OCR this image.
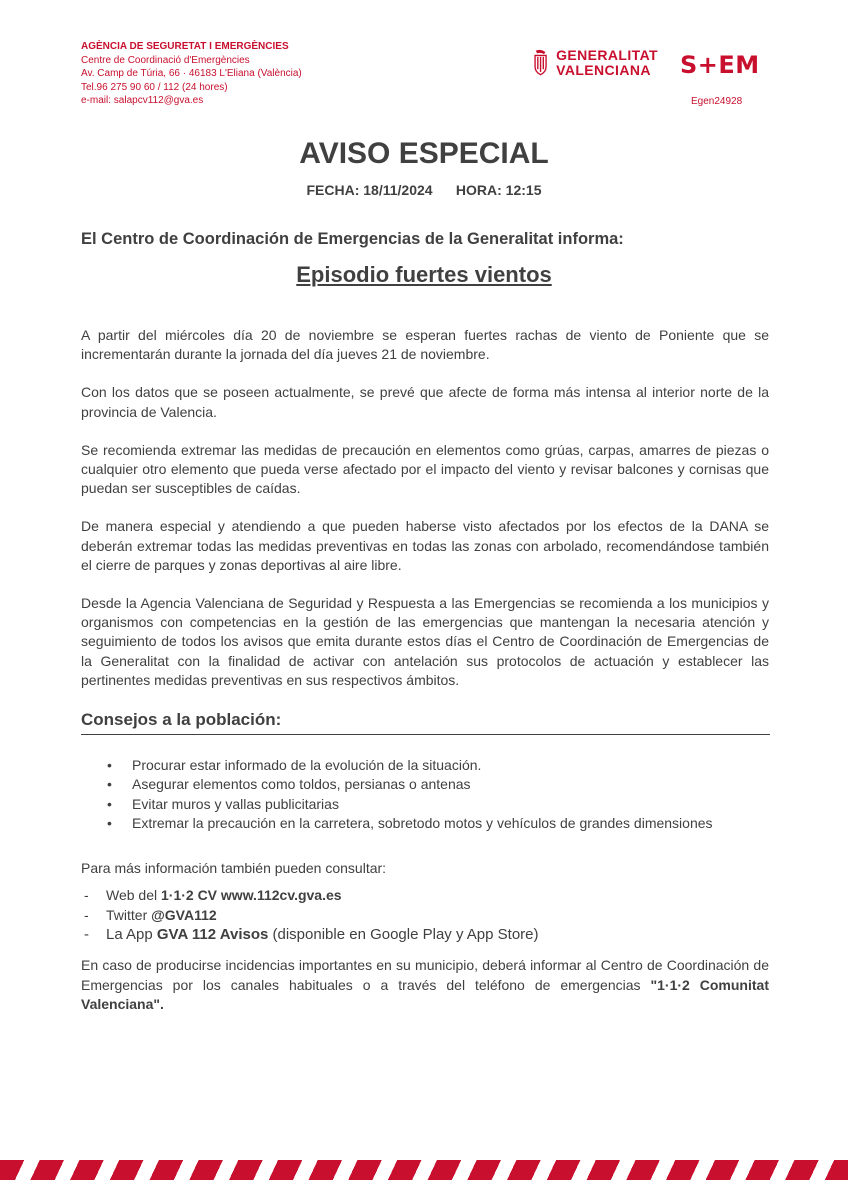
AGÈNCIA DE SEGURETAT I EMERGÈNCIES
Centre de Coordinació d'Emergències
Av. Camp de Túria, 66 · 46183 L'Eliana (València)
Tel.96 275 90 60 / 112 (24 hores)
e-mail: salapcv112@gva.es
GENERALITAT
VALENCIANA S+EM
Egen24928
AVISO ESPECIAL
FECHA: 18/11/2024      HORA: 12:15
El Centro de Coordinación de Emergencias de la Generalitat informa:
Episodio fuertes vientos

A partir del miércoles día 20 de noviembre se esperan fuertes rachas de viento de Poniente que se incrementarán durante la jornada del día jueves 21 de noviembre.

Con los datos que se poseen actualmente, se prevé que afecte de forma más intensa al interior norte de la provincia de Valencia.

Se recomienda extremar las medidas de precaución en elementos como grúas, carpas, amarres de piezas o cualquier otro elemento que pueda verse afectado por el impacto del viento y revisar balcones y cornisas que puedan ser susceptibles de caídas.

De manera especial y atendiendo a que pueden haberse visto afectados por los efectos de la DANA se deberán extremar todas las medidas preventivas en todas las zonas con arbolado, recomendándose también el cierre de parques y zonas deportivas al aire libre.

Desde la Agencia Valenciana de Seguridad y Respuesta a las Emergencias se recomienda a los municipios y organismos con competencias en la gestión de las emergencias que mantengan la necesaria atención y seguimiento de todos los avisos que emita durante estos días el Centro de Coordinación de Emergencias de la Generalitat con la finalidad de activar con antelación sus protocolos de actuación y establecer las pertinentes medidas preventivas en sus respectivos ámbitos.

Consejos a la población:
• Procurar estar informado de la evolución de la situación.
• Asegurar elementos como toldos, persianas o antenas
• Evitar muros y vallas publicitarias
• Extremar la precaución en la carretera, sobretodo motos y vehículos de grandes dimensiones
Para más información también pueden consultar:
- Web del 1·1·2 CV www.112cv.gva.es
- Twitter @GVA112
- La App GVA 112 Avisos (disponible en Google Play y App Store)
En caso de producirse incidencias importantes en su municipio, deberá informar al Centro de Coordinación de Emergencias por los canales habituales o a través del teléfono de emergencias "1·1·2 Comunitat Valenciana".
